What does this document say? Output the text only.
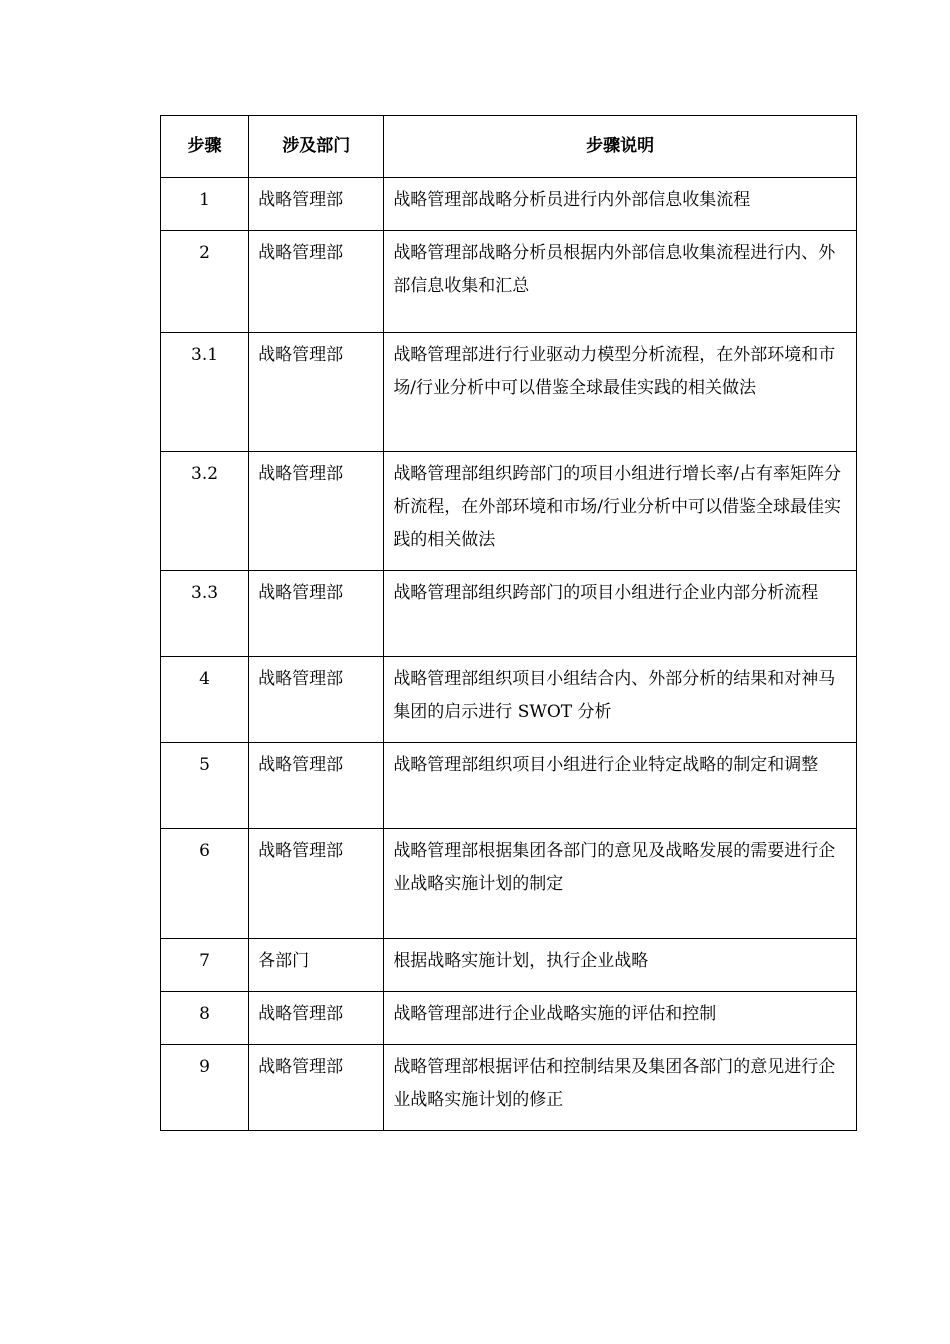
步骤	涉及部门	步骤说明
1	战略管理部	战略管理部战略分析员进行内外部信息收集流程
2	战略管理部	战略管理部战略分析员根据内外部信息收集流程进行内、外部信息收集和汇总
3.1	战略管理部	战略管理部进行行业驱动力模型分析流程，在外部环境和市场/行业分析中可以借鉴全球最佳实践的相关做法
3.2	战略管理部	战略管理部组织跨部门的项目小组进行增长率/占有率矩阵分析流程，在外部环境和市场/行业分析中可以借鉴全球最佳实践的相关做法
3.3	战略管理部	战略管理部组织跨部门的项目小组进行企业内部分析流程
4	战略管理部	战略管理部组织项目小组结合内、外部分析的结果和对神马集团的启示进行 SWOT 分析
5	战略管理部	战略管理部组织项目小组进行企业特定战略的制定和调整
6	战略管理部	战略管理部根据集团各部门的意见及战略发展的需要进行企业战略实施计划的制定
7	各部门	根据战略实施计划，执行企业战略
8	战略管理部	战略管理部进行企业战略实施的评估和控制
9	战略管理部	战略管理部根据评估和控制结果及集团各部门的意见进行企业战略实施计划的修正
